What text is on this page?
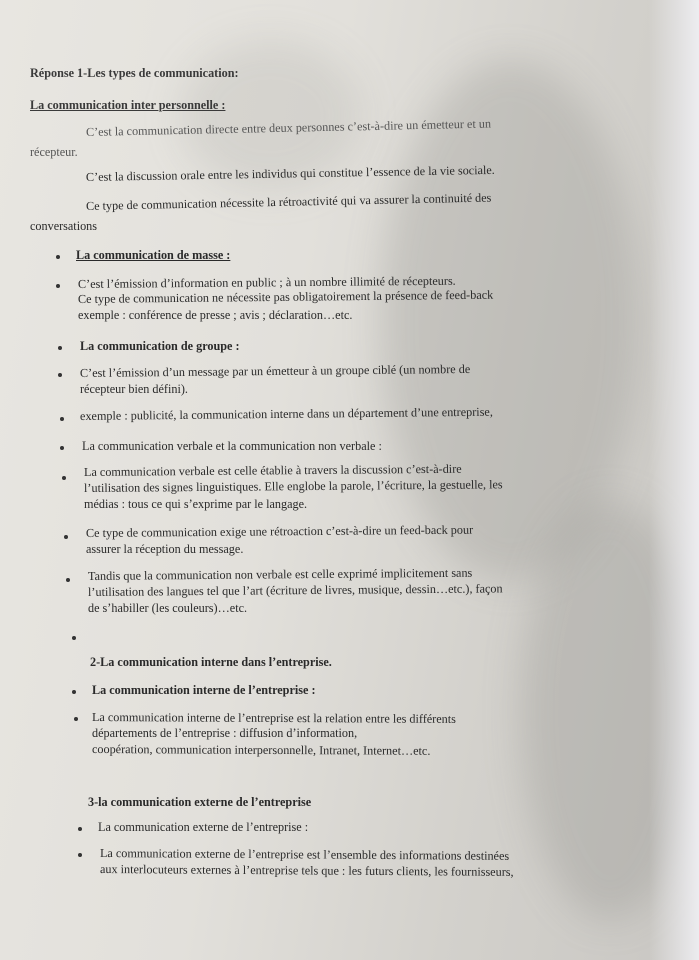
Réponse 1-Les types de communication:
La communication inter personnelle :
C’est la communication directe entre deux personnes c’est-à-dire un émetteur et un
récepteur.
C’est la discussion orale entre les individus qui constitue l’essence de la vie sociale.
Ce type de communication nécessite la rétroactivité qui va assurer la continuité des
conversations
La communication de masse :
C’est l’émission d’information en public ; à un nombre illimité de récepteurs.
Ce type de communication ne nécessite pas obligatoirement la présence de feed-back
exemple : conférence de presse ; avis ; déclaration…etc.
La communication de groupe :
C’est l’émission d’un message par un émetteur à un groupe ciblé (un nombre de
récepteur bien défini).
exemple : publicité, la communication interne dans un département d’une entreprise,
La communication verbale et la communication non verbale :
La communication verbale est celle établie à travers la discussion c’est-à-dire
l’utilisation des signes linguistiques. Elle englobe la parole, l’écriture, la gestuelle, les
médias : tous ce qui s’exprime par le langage.
Ce type de communication exige une rétroaction c’est-à-dire un feed-back pour
assurer la réception du message.
Tandis que la communication non verbale est celle exprimé implicitement sans
l’utilisation des langues tel que l’art (écriture de livres, musique, dessin…etc.), façon
de s’habiller (les couleurs)…etc.
2-La communication interne dans l’entreprise.
La communication interne de l’entreprise :
La communication interne de l’entreprise est la relation entre les différents
départements de l’entreprise : diffusion d’information,
coopération, communication interpersonnelle, Intranet, Internet…etc.
3-la communication externe de l’entreprise
La communication externe de l’entreprise :
La communication externe de l’entreprise est l’ensemble des informations destinées
aux interlocuteurs externes à l’entreprise tels que : les futurs clients, les fournisseurs,
